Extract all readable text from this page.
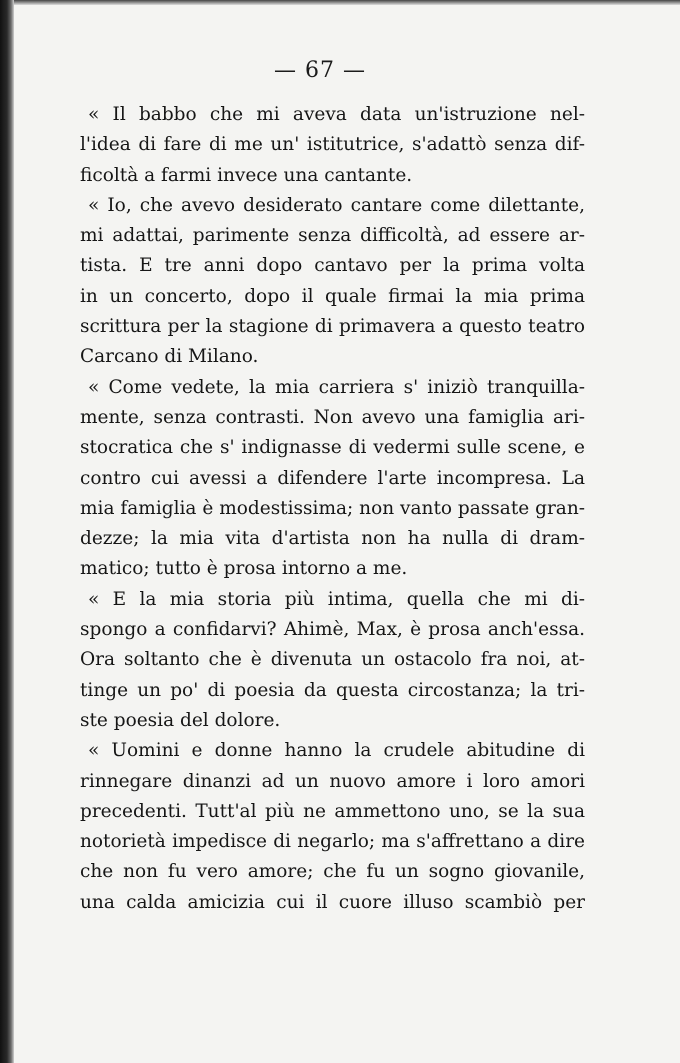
— 67 —
« Il babbo che mi aveva data un'istruzione nel-
l'idea di fare di me un' istitutrice, s'adattò senza dif-
ficoltà a farmi invece una cantante.
« Io, che avevo desiderato cantare come dilettante,
mi adattai, parimente senza difficoltà, ad essere ar-
tista. E tre anni dopo cantavo per la prima volta
in un concerto, dopo il quale firmai la mia prima
scrittura per la stagione di primavera a questo teatro
Carcano di Milano.
« Come vedete, la mia carriera s' iniziò tranquilla-
mente, senza contrasti. Non avevo una famiglia ari-
stocratica che s' indignasse di vedermi sulle scene, e
contro cui avessi a difendere l'arte incompresa. La
mia famiglia è modestissima; non vanto passate gran-
dezze; la mia vita d'artista non ha nulla di dram-
matico; tutto è prosa intorno a me.
« E la mia storia più intima, quella che mi di-
spongo a confidarvi? Ahimè, Max, è prosa anch'essa.
Ora soltanto che è divenuta un ostacolo fra noi, at-
tinge un po' di poesia da questa circostanza; la tri-
ste poesia del dolore.
« Uomini e donne hanno la crudele abitudine di
rinnegare dinanzi ad un nuovo amore i loro amori
precedenti. Tutt'al più ne ammettono uno, se la sua
notorietà impedisce di negarlo; ma s'affrettano a dire
che non fu vero amore; che fu un sogno giovanile,
una calda amicizia cui il cuore illuso scambiò per
